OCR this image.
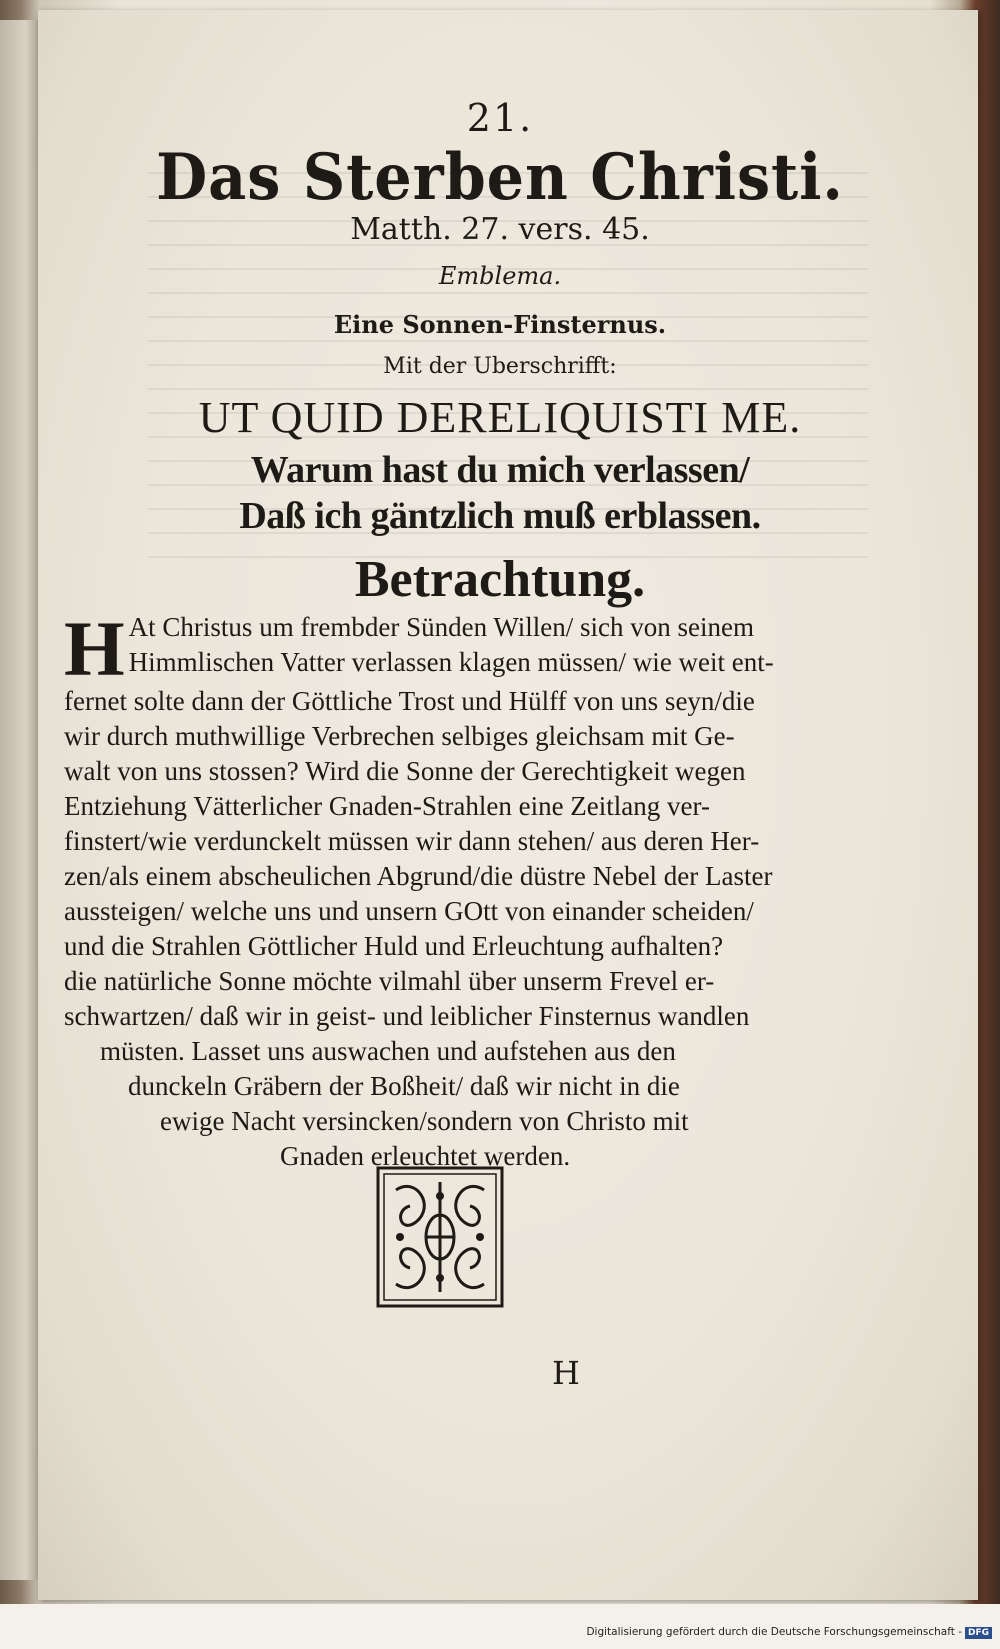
21.
Das Sterben Christi.
Matth. 27. vers. 45.
Emblema.
Eine Sonnen-Finsternus.
Mit der Uberschrifft:
UT QUID DERELIQUISTI ME.
Warum hast du mich verlassen/
Daß ich gäntzlich muß erblassen.
Betrachtung.
H At Christus um frembder Sünden Willen/ sich von seinem
Himmlischen Vatter verlassen klagen müssen/ wie weit ent-
fernet solte dann der Göttliche Trost und Hülff von uns seyn/die
wir durch muthwillige Verbrechen selbiges gleichsam mit Ge-
walt von uns stossen? Wird die Sonne der Gerechtigkeit wegen
Entziehung Vätterlicher Gnaden-Strahlen eine Zeitlang ver-
finstert/wie verdunckelt müssen wir dann stehen/ aus deren Her-
zen/als einem abscheulichen Abgrund/die düstre Nebel der Laster
aussteigen/ welche uns und unsern GOtt von einander scheiden/
und die Strahlen Göttlicher Huld und Erleuchtung aufhalten?
die natürliche Sonne möchte vilmahl über unserm Frevel er-
schwartzen/ daß wir in geist- und leiblicher Finsternus wandlen
müsten. Lasset uns auswachen und aufstehen aus den
dunckeln Gräbern der Boßheit/ daß wir nicht in die
ewige Nacht versincken/sondern von Christo mit
Gnaden erleuchtet werden.
H
Digitalisierung gefördert durch die Deutsche Forschungsgemeinschaft - DFG
